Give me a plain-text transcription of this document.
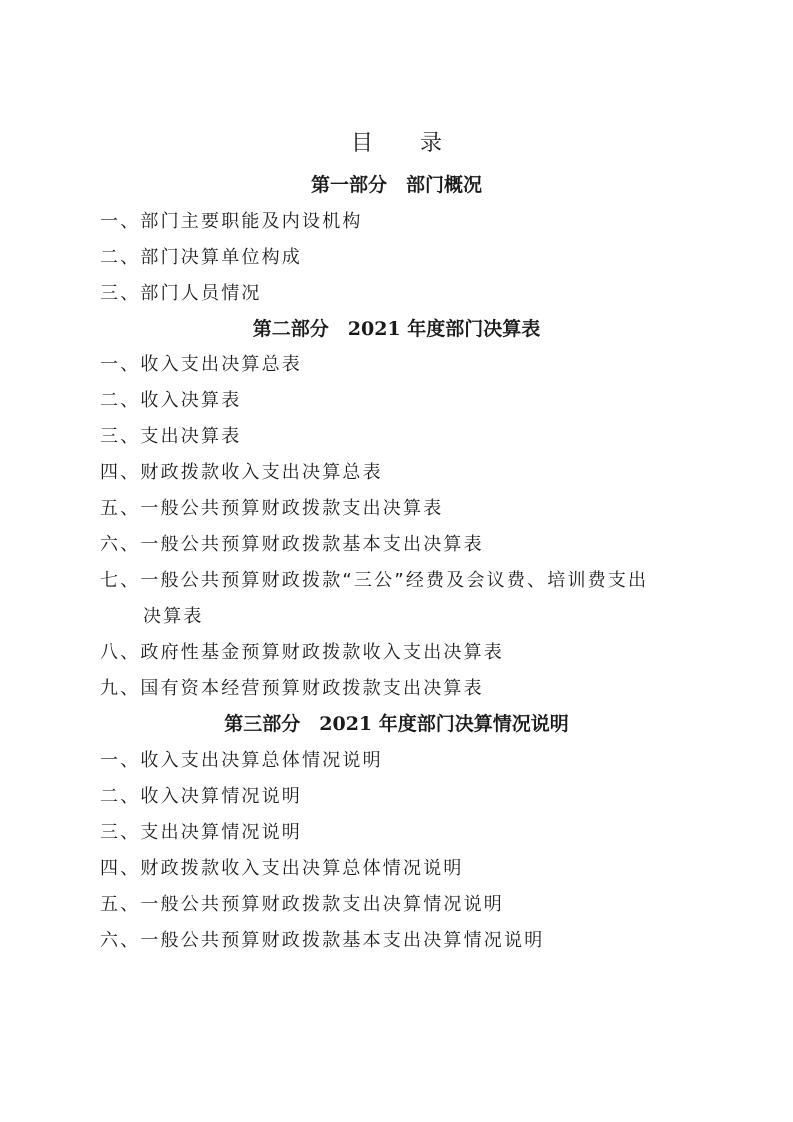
目 录
第一部分　部门概况
一、部门主要职能及内设机构
二、部门决算单位构成
三、部门人员情况
第二部分　2021 年度部门决算表
一、收入支出决算总表
二、收入决算表
三、支出决算表
四、财政拨款收入支出决算总表
五、一般公共预算财政拨款支出决算表
六、一般公共预算财政拨款基本支出决算表
七、一般公共预算财政拨款“三公”经费及会议费、培训费支出
决算表
八、政府性基金预算财政拨款收入支出决算表
九、国有资本经营预算财政拨款支出决算表
第三部分　2021 年度部门决算情况说明
一、收入支出决算总体情况说明
二、收入决算情况说明
三、支出决算情况说明
四、财政拨款收入支出决算总体情况说明
五、一般公共预算财政拨款支出决算情况说明
六、一般公共预算财政拨款基本支出决算情况说明
